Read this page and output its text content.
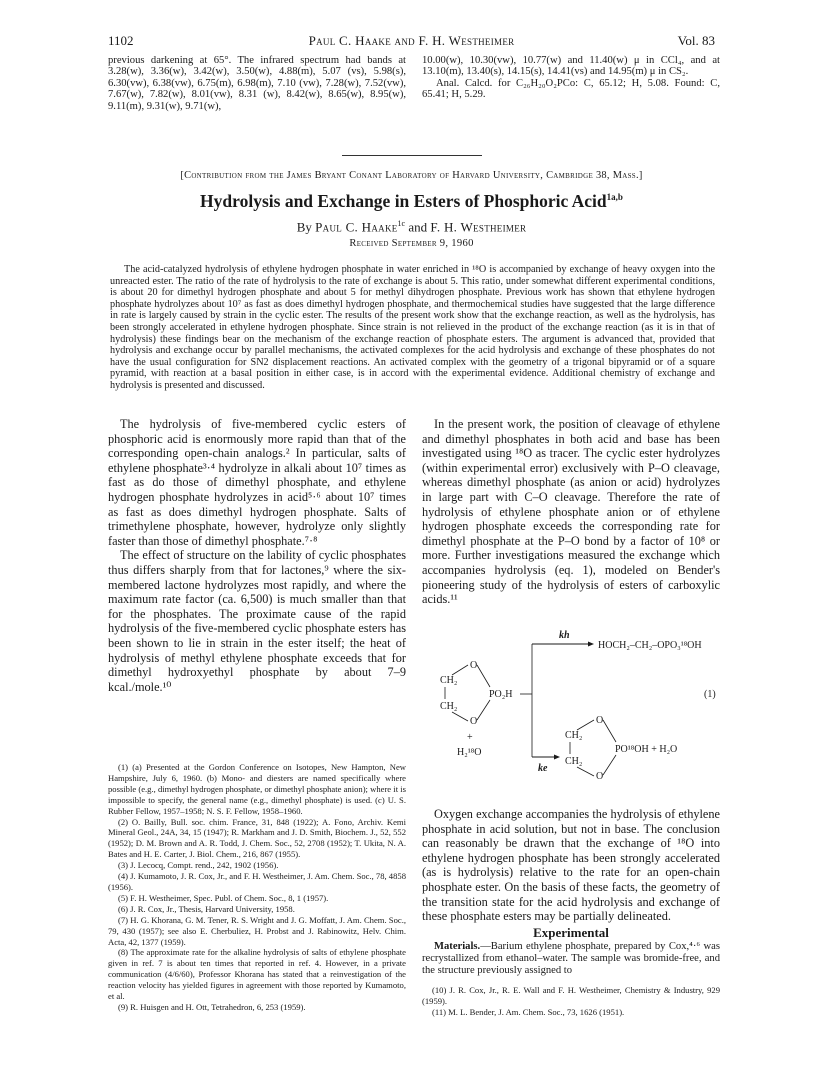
1102	Paul C. Haake and F. H. Westheimer	Vol. 83

previous darkening at 65°. The infrared spectrum had bands at 3.28(w), 3.36(w), 3.42(w), 3.50(w), 4.88(m), 5.07 (vs), 5.98(s), 6.30(vw), 6.38(vw), 6.75(m), 6.98(m), 7.10 (vw), 7.28(w), 7.52(vw), 7.67(w), 7.82(w), 8.01(vw), 8.31 (w), 8.42(w), 8.65(w), 8.95(w), 9.11(m), 9.31(w), 9.71(w),

10.00(w), 10.30(vw), 10.77(w) and 11.40(w) μ in CCl₄, and at 13.10(m), 13.40(s), 14.15(s), 14.41(vs) and 14.95(m) μ in CS₂.

Anal. Calcd. for C₂₆H₂₀O₂PCo: C, 65.12; H, 5.08. Found: C, 65.41; H, 5.29.

[Contribution from the James Bryant Conant Laboratory of Harvard University, Cambridge 38, Mass.]
Hydrolysis and Exchange in Esters of Phosphoric Acid$^{1a,b}$
By Paul C. Haake$^{1c}$ and F. H. Westheimer
Received September 9, 1960

The acid-catalyzed hydrolysis of ethylene hydrogen phosphate in water enriched in ¹⁸O is accompanied by exchange of heavy oxygen into the unreacted ester. The ratio of the rate of hydrolysis to the rate of exchange is about 5. This ratio, under somewhat different experimental conditions, is about 20 for dimethyl hydrogen phosphate and about 5 for methyl dihydrogen phosphate. Previous work has shown that ethylene hydrogen phosphate hydrolyzes about 10⁷ as fast as does dimethyl hydrogen phosphate, and thermochemical studies have suggested that the large difference in rate is largely caused by strain in the cyclic ester. The results of the present work show that the exchange reaction, as well as the hydrolysis, has been strongly accelerated in ethylene hydrogen phosphate. Since strain is not relieved in the product of the exchange reaction (as it is in that of hydrolysis) these findings bear on the mechanism of the exchange reaction of phosphate esters. The argument is advanced that, provided that hydrolysis and exchange occur by parallel mechanisms, the activated complexes for the acid hydrolysis and exchange of these phosphates do not have the usual configuration for SN2 displacement reactions. An activated complex with the geometry of a trigonal bipyramid or of a square pyramid, with reaction at a basal position in either case, is in accord with the experimental evidence. Additional chemistry of exchange and hydrolysis is presented and discussed.

The hydrolysis of five-membered cyclic esters of phosphoric acid is enormously more rapid than that of the corresponding open-chain analogs.² In particular, salts of ethylene phosphate³·⁴ hydrolyze in alkali about 10⁷ times as fast as do those of dimethyl phosphate, and ethylene hydrogen phosphate hydrolyzes in acid⁵·⁶ about 10⁷ times as fast as does dimethyl hydrogen phosphate. Salts of trimethylene phosphate, however, hydrolyze only slightly faster than those of dimethyl phosphate.⁷·⁸

The effect of structure on the lability of cyclic phosphates thus differs sharply from that for lactones,⁹ where the six-membered lactone hydrolyzes most rapidly, and where the maximum rate factor (ca. 6,500) is much smaller than that for the phosphates. The proximate cause of the rapid hydrolysis of the five-membered cyclic phosphate esters has been shown to lie in strain in the ester itself; the heat of hydrolysis of methyl ethylene phosphate exceeds that for dimethyl hydroxyethyl phosphate by about 7–9 kcal./mole.¹⁰

(1) (a) Presented at the Gordon Conference on Isotopes, New Hampton, New Hampshire, July 6, 1960. (b) Mono- and diesters are named specifically where possible (e.g., dimethyl hydrogen phosphate, or dimethyl phosphate anion); where it is impossible to specify, the general name (e.g., dimethyl phosphate) is used. (c) U. S. Rubber Fellow, 1957–1958; N. S. F. Fellow, 1958–1960.

(2) O. Bailly, Bull. soc. chim. France, 31, 848 (1922); A. Fono, Archiv. Kemi Mineral Geol., 24A, 34, 15 (1947); R. Markham and J. D. Smith, Biochem. J., 52, 552 (1952); D. M. Brown and A. R. Todd, J. Chem. Soc., 52, 2708 (1952); T. Ukita, N. A. Bates and H. E. Carter, J. Biol. Chem., 216, 867 (1955).

(3) J. Lecocq, Compt. rend., 242, 1902 (1956).

(4) J. Kumamoto, J. R. Cox, Jr., and F. H. Westheimer, J. Am. Chem. Soc., 78, 4858 (1956).

(5) F. H. Westheimer, Spec. Publ. of Chem. Soc., 8, 1 (1957).

(6) J. R. Cox, Jr., Thesis, Harvard University, 1958.

(7) H. G. Khorana, G. M. Tener, R. S. Wright and J. G. Moffatt, J. Am. Chem. Soc., 79, 430 (1957); see also E. Cherbuliez, H. Probst and J. Rabinowitz, Helv. Chim. Acta, 42, 1377 (1959).

(8) The approximate rate for the alkaline hydrolysis of salts of ethylene phosphate given in ref. 7 is about ten times that reported in ref. 4. However, in a private communication (4/6/60), Professor Khorana has stated that a reinvestigation of the reaction velocity has yielded figures in agreement with those reported by Kumamoto, et al.

(9) R. Huisgen and H. Ott, Tetrahedron, 6, 253 (1959).

In the present work, the position of cleavage of ethylene and dimethyl phosphates in both acid and base has been investigated using ¹⁸O as tracer. The cyclic ester hydrolyzes (within experimental error) exclusively with P–O cleavage, whereas dimethyl phosphate (as anion or acid) hydrolyzes in large part with C–O cleavage. Therefore the rate of hydrolysis of ethylene phosphate anion or of ethylene hydrogen phosphate exceeds the corresponding rate for dimethyl phosphate at the P–O bond by a factor of 10⁸ or more. Further investigations measured the exchange which accompanies hydrolysis (eq. 1), modeled on Bender's pioneering study of the hydrolysis of esters of carboxylic acids.¹¹

kh
HOCH₂–CH₂–OPO₃¹⁸OH
O
CH₂
CH₂
O
PO₂H
+
H₂¹⁸O
ke
O
CH₂
CH₂
O
PO¹⁸OH + H₂O
(1)

Oxygen exchange accompanies the hydrolysis of ethylene phosphate in acid solution, but not in base. The conclusion can reasonably be drawn that the exchange of ¹⁸O into ethylene hydrogen phosphate has been strongly accelerated (as is hydrolysis) relative to the rate for an open-chain phosphate ester. On the basis of these facts, the geometry of the transition state for the acid hydrolysis and exchange of these phosphate esters may be partially delineated.

Experimental

Materials.—Barium ethylene phosphate, prepared by Cox,⁴·⁶ was recrystallized from ethanol–water. The sample was bromide-free, and the structure previously assigned to

(10) J. R. Cox, Jr., R. E. Wall and F. H. Westheimer, Chemistry & Industry, 929 (1959).

(11) M. L. Bender, J. Am. Chem. Soc., 73, 1626 (1951).
